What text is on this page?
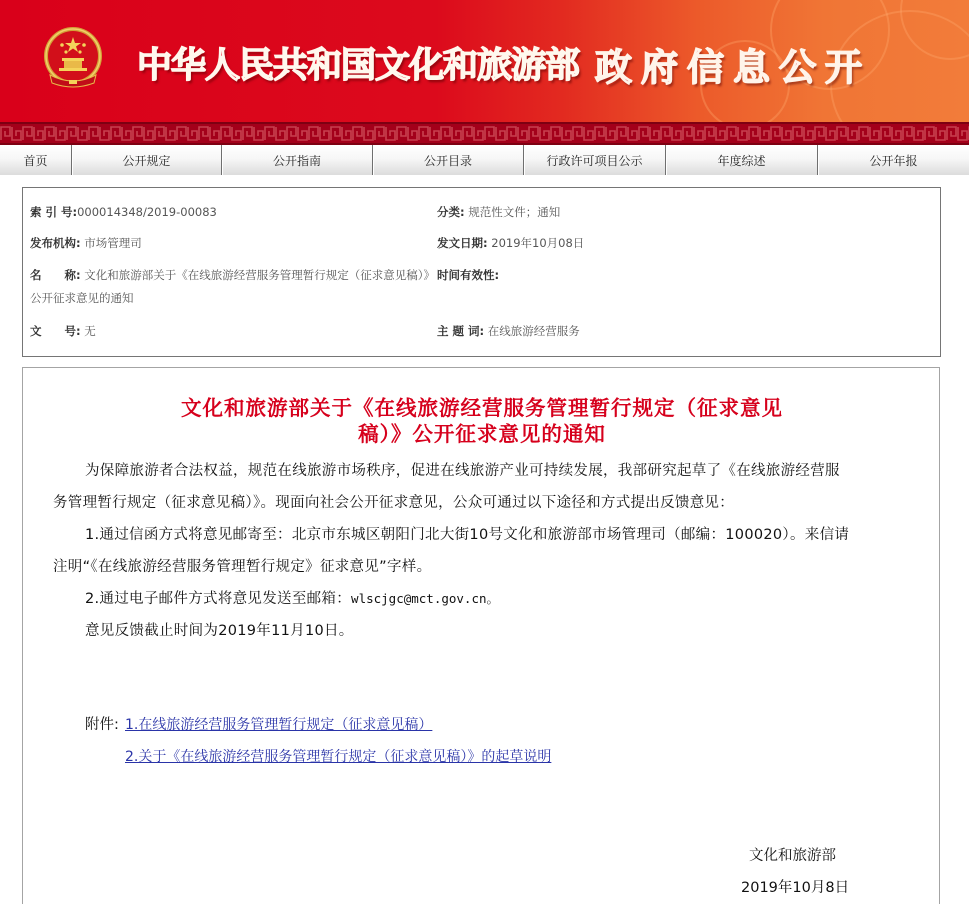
中华人民共和国文化和旅游部 政府信息公开
首页	公开规定	公开指南	公开目录	行政许可项目公示	年度综述	公开年报
索 引 号:000014348/2019-00083
发布机构: 市场管理司
名　　称: 文化和旅游部关于《在线旅游经营服务管理暂行规定（征求意见稿）》公开征求意见的通知
文　　号: 无
分类: 规范性文件；通知
发文日期: 2019年10月08日
时间有效性:
主 题 词: 在线旅游经营服务
文化和旅游部关于《在线旅游经营服务管理暂行规定（征求意见
稿）》公开征求意见的通知
为保障旅游者合法权益，规范在线旅游市场秩序，促进在线旅游产业可持续发展，我部研究起草了《在线旅游经营服
务管理暂行规定（征求意见稿）》。现面向社会公开征求意见，公众可通过以下途径和方式提出反馈意见：
1.通过信函方式将意见邮寄至：北京市东城区朝阳门北大街10号文化和旅游部市场管理司（邮编：100020）。来信请
注明“《在线旅游经营服务管理暂行规定》征求意见”字样。
2.通过电子邮件方式将意见发送至邮箱：wlscjgc@mct.gov.cn。
意见反馈截止时间为2019年11月10日。
附件: 1.在线旅游经营服务管理暂行规定（征求意见稿）
2.关于《在线旅游经营服务管理暂行规定（征求意见稿）》的起草说明
文化和旅游部
2019年10月8日
